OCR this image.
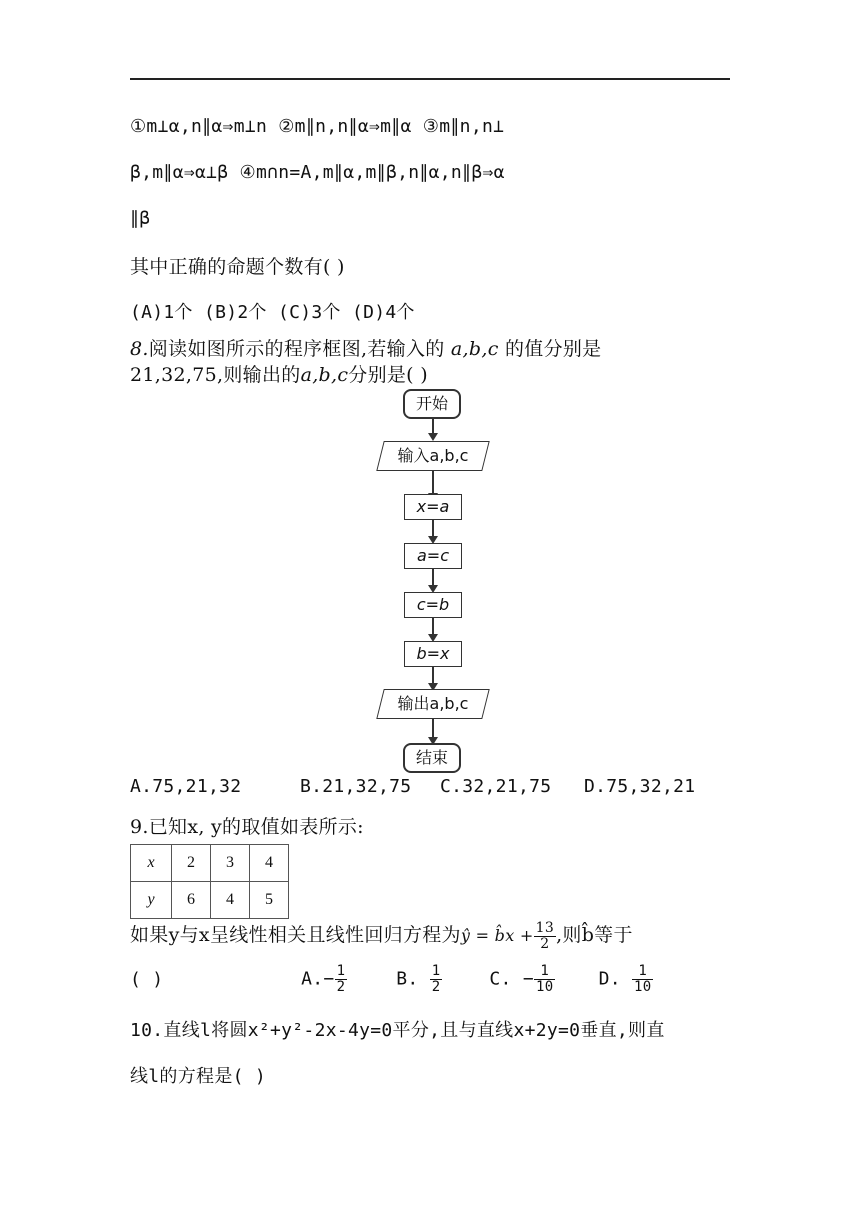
①m⊥α,n∥α⇒m⊥n ②m∥n,n∥α⇒m∥α ③m∥n,n⊥
β,m∥α⇒α⊥β ④m∩n=A,m∥α,m∥β,n∥α,n∥β⇒α
∥β
其中正确的命题个数有( )
(A)1个 (B)2个 (C)3个 (D)4个
8.阅读如图所示的程序框图,若输入的 a,b,c 的值分别是
21,32,75,则输出的a,b,c分别是( )
开始
输入a,b,c
x=a
a=c
c=b
b=x
输出a,b,c
结束
A.75,21,32	B.21,32,75 C.32,21,75 D.75,32,21
9.已知x, y的取值如表所示:
x	2	3	4
y	6	4	5
如果y与x呈线性相关且线性回归方程为ŷ = b̂x + $\frac{13}{2}$ ,则b̂等于
( )	$A.- \frac{1}{2}$	B. $\frac{1}{2}$	C. − $\frac{1}{10} D$. $\frac{1}{10}$
10.直线l将圆x²+y²-2x-4y=0平分,且与直线x+2y=0垂直,则直
线l的方程是( )
